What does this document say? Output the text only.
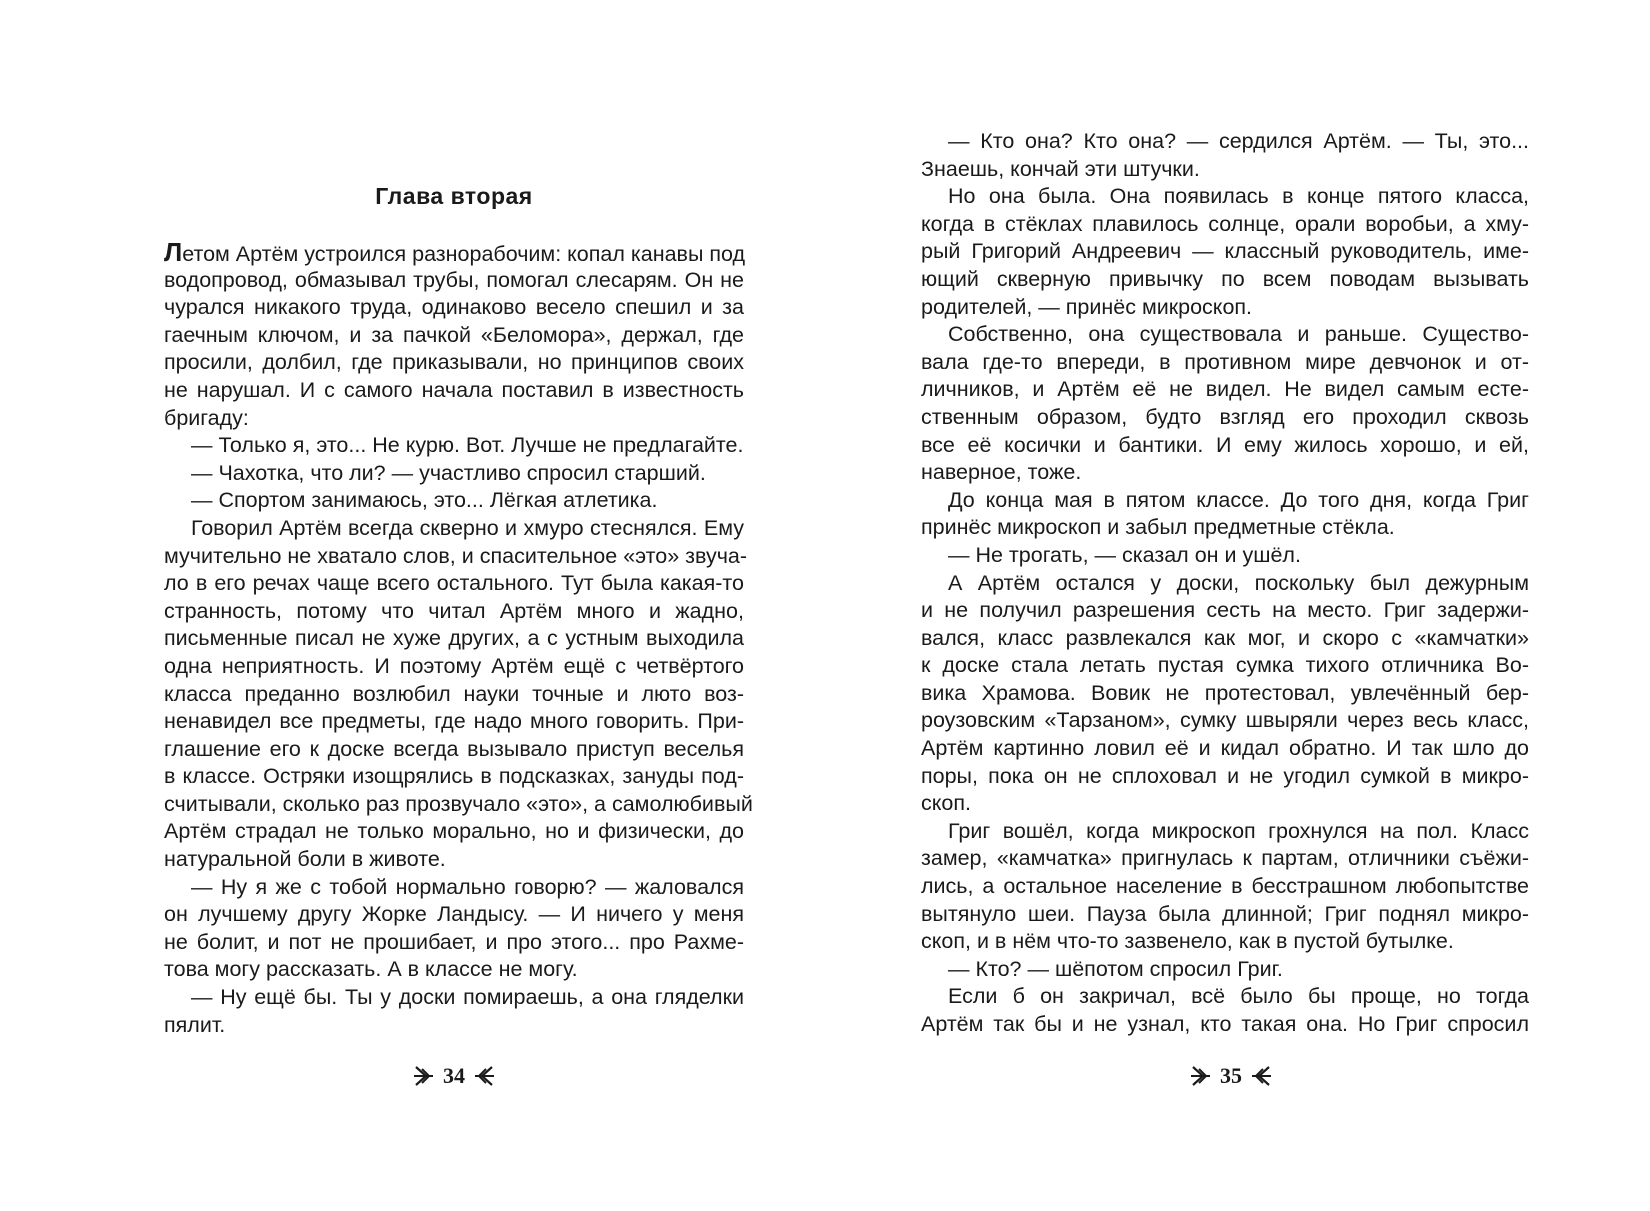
Глава вторая
Летом Артём устроился разнорабочим: копал канавы под
водопровод, обмазывал трубы, помогал слесарям. Он не
чурался никакого труда, одинаково весело спешил и за
гаечным ключом, и за пачкой «Беломора», держал, где
просили, долбил, где приказывали, но принципов своих
не нарушал. И с самого начала поставил в известность
бригаду:
— Только я, это... Не курю. Вот. Лучше не предлагайте.
— Чахотка, что ли? — участливо спросил старший.
— Спортом занимаюсь, это... Лёгкая атлетика.
Говорил Артём всегда скверно и хмуро стеснялся. Ему
мучительно не хватало слов, и спасительное «это» звуча-
ло в его речах чаще всего остального. Тут была какая-то
странность, потому что читал Артём много и жадно,
письменные писал не хуже других, а с устным выходила
одна неприятность. И поэтому Артём ещё с четвёртого
класса преданно возлюбил науки точные и люто воз-
ненавидел все предметы, где надо много говорить. При-
глашение его к доске всегда вызывало приступ веселья
в классе. Остряки изощрялись в подсказках, зануды под-
считывали, сколько раз прозвучало «это», а самолюбивый
Артём страдал не только морально, но и физически, до
натуральной боли в животе.
— Ну я же с тобой нормально говорю? — жаловался
он лучшему другу Жорке Ландысу. — И ничего у меня
не болит, и пот не прошибает, и про этого... про Рахме-
това могу рассказать. А в классе не могу.
— Ну ещё бы. Ты у доски помираешь, а она гляделки
пялит.
34
— Кто она? Кто она? — сердился Артём. — Ты, это...
Знаешь, кончай эти штучки.
Но она была. Она появилась в конце пятого класса,
когда в стёклах плавилось солнце, орали воробьи, а хму-
рый Григорий Андреевич — классный руководитель, име-
ющий скверную привычку по всем поводам вызывать
родителей, — принёс микроскоп.
Собственно, она существовала и раньше. Существо-
вала где-то впереди, в противном мире девчонок и от-
личников, и Артём её не видел. Не видел самым есте-
ственным образом, будто взгляд его проходил сквозь
все её косички и бантики. И ему жилось хорошо, и ей,
наверное, тоже.
До конца мая в пятом классе. До того дня, когда Григ
принёс микроскоп и забыл предметные стёкла.
— Не трогать, — сказал он и ушёл.
А Артём остался у доски, поскольку был дежурным
и не получил разрешения сесть на место. Григ задержи-
вался, класс развлекался как мог, и скоро с «камчатки»
к доске стала летать пустая сумка тихого отличника Во-
вика Храмова. Вовик не протестовал, увлечённый бер-
роузовским «Тарзаном», сумку швыряли через весь класс,
Артём картинно ловил её и кидал обратно. И так шло до
поры, пока он не сплоховал и не угодил сумкой в микро-
скоп.
Григ вошёл, когда микроскоп грохнулся на пол. Класс
замер, «камчатка» пригнулась к партам, отличники съёжи-
лись, а остальное население в бесстрашном любопытстве
вытянуло шеи. Пауза была длинной; Григ поднял микро-
скоп, и в нём что-то зазвенело, как в пустой бутылке.
— Кто? — шёпотом спросил Григ.
Если б он закричал, всё было бы проще, но тогда
Артём так бы и не узнал, кто такая она. Но Григ спросил
35
